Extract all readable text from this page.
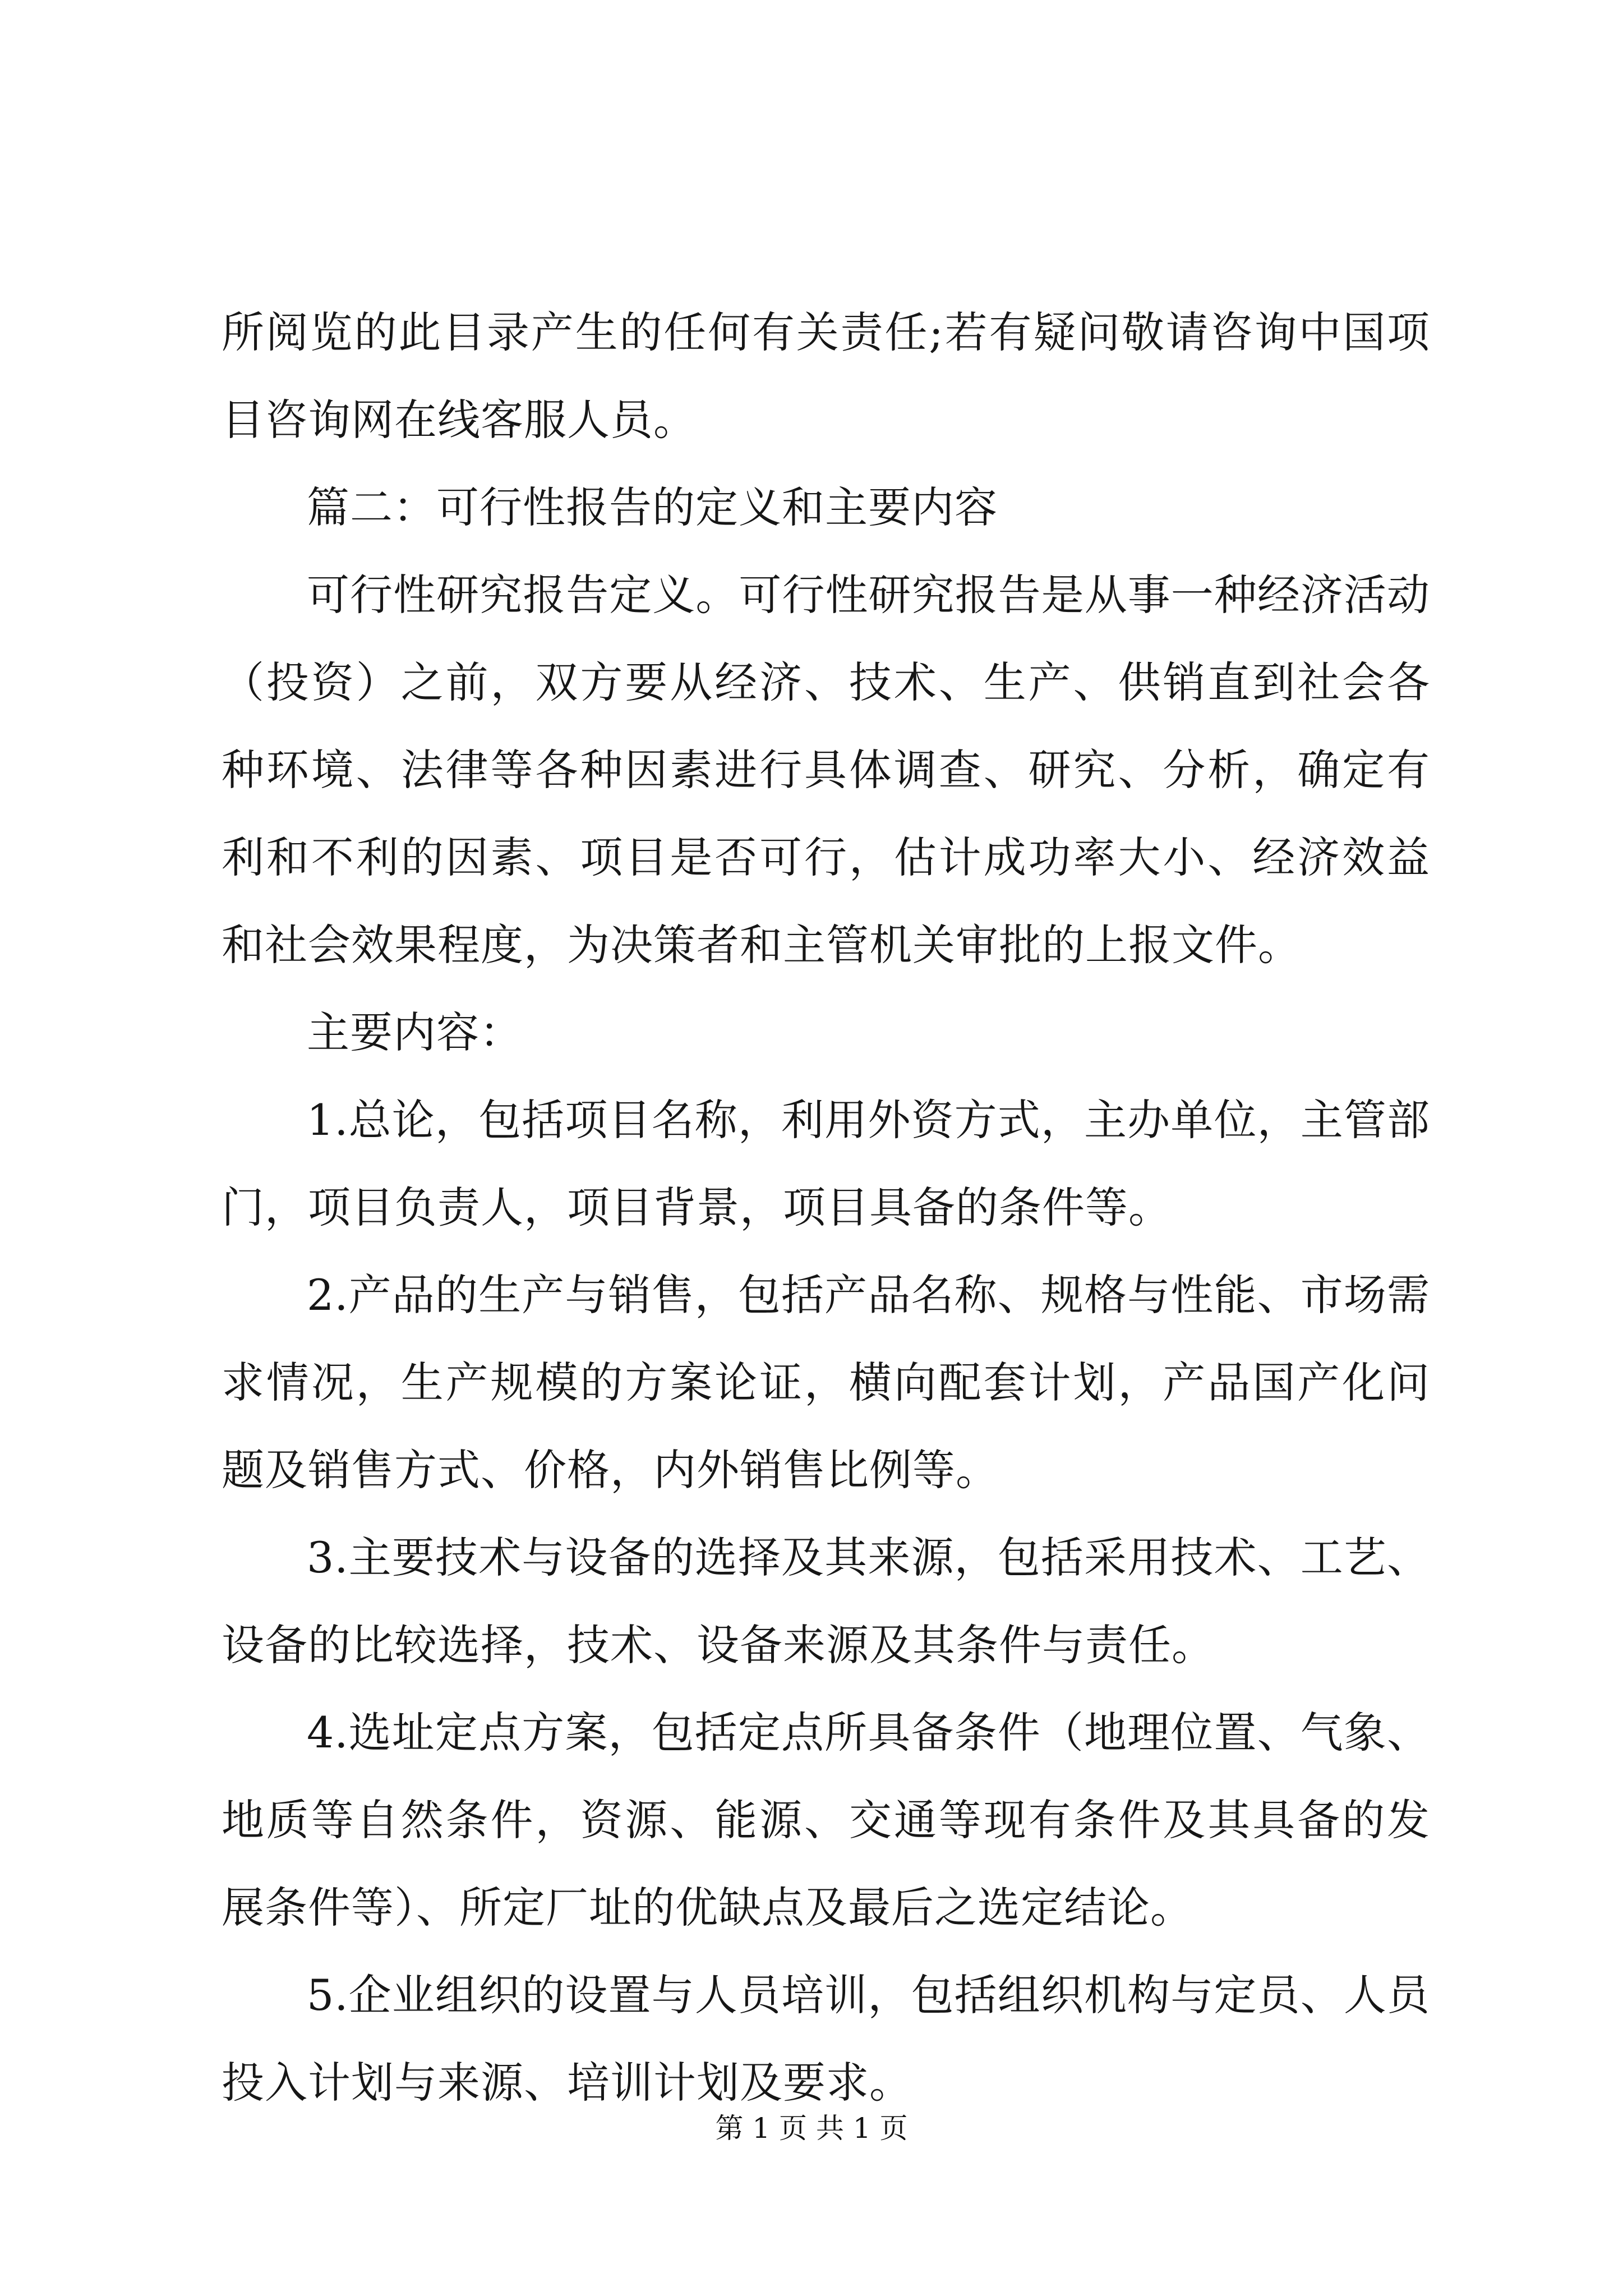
所阅览的此目录产生的任何有关责任;若有疑问敬请咨询中国项目咨询网在线客服人员。

篇二：可行性报告的定义和主要内容

可行性研究报告定义。可行性研究报告是从事一种经济活动（投资）之前，双方要从经济、技术、生产、供销直到社会各种环境、法律等各种因素进行具体调查、研究、分析，确定有利和不利的因素、项目是否可行，估计成功率大小、经济效益和社会效果程度，为决策者和主管机关审批的上报文件。

主要内容：

1.总论，包括项目名称，利用外资方式，主办单位，主管部门，项目负责人，项目背景，项目具备的条件等。

2.产品的生产与销售，包括产品名称、规格与性能、市场需求情况，生产规模的方案论证，横向配套计划，产品国产化问题及销售方式、价格，内外销售比例等。

3.主要技术与设备的选择及其来源，包括采用技术、工艺、设备的比较选择，技术、设备来源及其条件与责任。

4.选址定点方案，包括定点所具备条件（地理位置、气象、地质等自然条件，资源、能源、交通等现有条件及其具备的发展条件等）、所定厂址的优缺点及最后之选定结论。

5.企业组织的设置与人员培训，包括组织机构与定员、人员投入计划与来源、培训计划及要求。

第 1 页 共 1 页
